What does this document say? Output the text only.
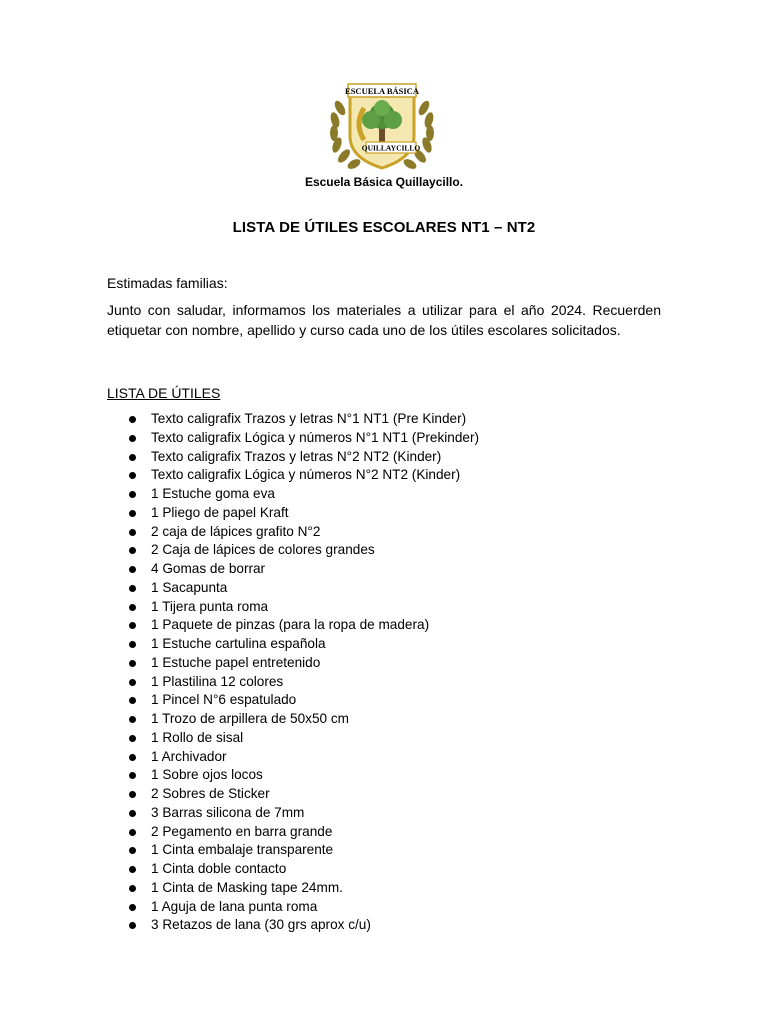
ESCUELA BÁSICA
QUILLAYCILLO
Escuela Básica Quillaycillo.
LISTA DE ÚTILES ESCOLARES NT1 – NT2
Estimadas familias:

Junto con saludar, informamos los materiales a utilizar para el año 2024. Recuerden etiquetar con nombre, apellido y curso cada uno de los útiles escolares solicitados.

LISTA DE ÚTILES
Texto caligrafix Trazos y letras N°1 NT1 (Pre Kinder)
Texto caligrafix Lógica y números N°1 NT1 (Prekinder)
Texto caligrafix Trazos y letras N°2 NT2 (Kinder)
Texto caligrafix Lógica y números N°2 NT2 (Kinder)
1 Estuche goma eva
1 Pliego de papel Kraft
2 caja de lápices grafito N°2
2 Caja de lápices de colores grandes
4 Gomas de borrar
1 Sacapunta
1 Tijera punta roma
1 Paquete de pinzas (para la ropa de madera)
1 Estuche cartulina española
1 Estuche papel entretenido
1 Plastilina 12 colores
1 Pincel N°6 espatulado
1 Trozo de arpillera de 50x50 cm
1 Rollo de sisal
1 Archivador
1 Sobre ojos locos
2 Sobres de Sticker
3 Barras silicona de 7mm
2 Pegamento en barra grande
1 Cinta embalaje transparente
1 Cinta doble contacto
1 Cinta de Masking tape 24mm.
1 Aguja de lana punta roma
3 Retazos de lana (30 grs aprox c/u)
